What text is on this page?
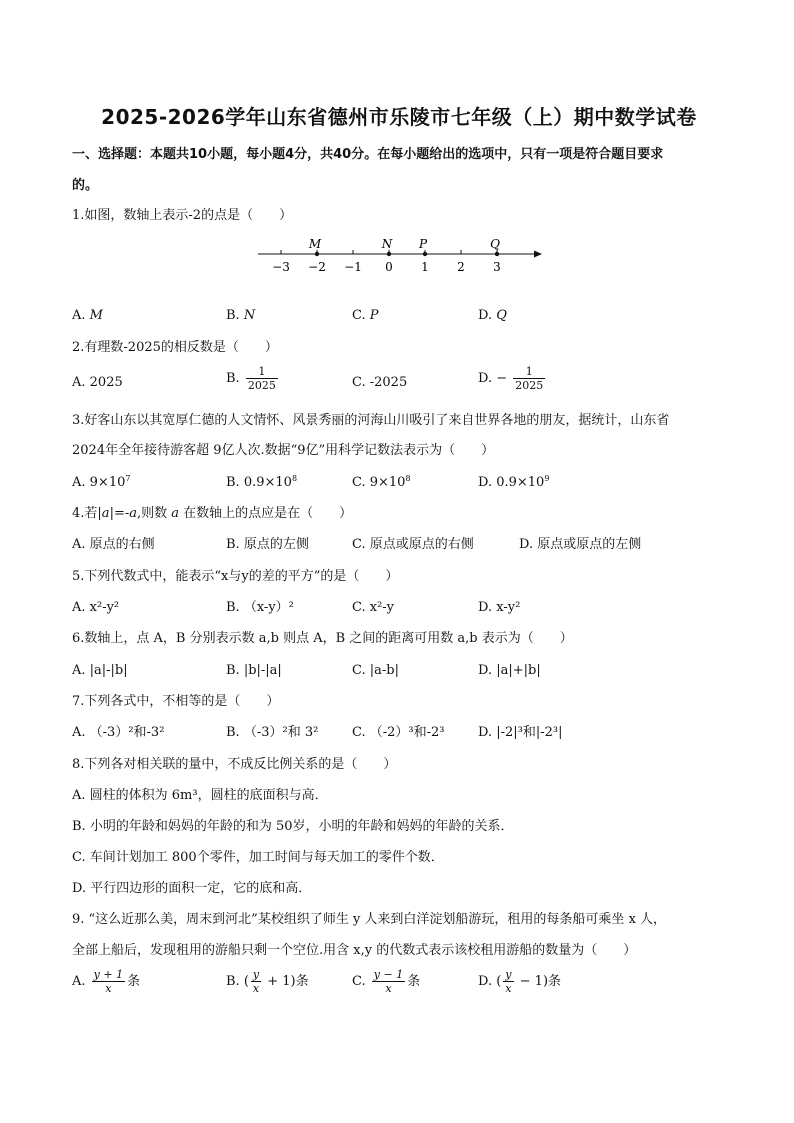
2025-2026学年山东省德州市乐陵市七年级（上）期中数学试卷
一、选择题：本题共10小题，每小题4分，共40分。在每小题给出的选项中，只有一项是符合题目要求
的。
1.如图，数轴上表示-2的点是（　　）
−3 −2 −1 0 1 2 3
M	N P	Q
A. M	B. N	C. P	D. Q
2.有理数-2025的相反数是（　　）
A. 2025	B. $\frac{1}{2025}$	C. -2025	D. − $\frac{1}{2025}$
3.好客山东以其宽厚仁德的人文情怀、风景秀丽的河海山川吸引了来自世界各地的朋友，据统计，山东省
2024年全年接待游客超 9亿人次.数据“9亿”用科学记数法表示为（　　）
A. $9\times 10^7$	B. $0.9\times 10^8$	C. $9\times 10^8$	D. $0.9\times 10^9$
4.若|a|=-a,则数 a 在数轴上的点应是在（　　）
A. 原点的右侧	B. 原点的左侧	C. 原点或原点的右侧	D. 原点或原点的左侧
5.下列代数式中，能表示“x与y的差的平方”的是（　　）
A. x²-y²	B. （x-y）²	C. x²-y	D. x-y²
6.数轴上，点 A，B 分别表示数 a,b 则点 A，B 之间的距离可用数 a,b 表示为（　　）
A. |a|-|b|	B. |b|-|a|	C. |a-b|	D. |a|+|b|
7.下列各式中，不相等的是（　　）
A. （-3）²和-3²	B. （-3）²和 3²	C. （-2）³和-2³	D. |-2|³和|-2³|
8.下列各对相关联的量中，不成反比例关系的是（　　）
A. 圆柱的体积为 6m³，圆柱的底面积与高．
B. 小明的年龄和妈妈的年龄的和为 50岁，小明的年龄和妈妈的年龄的关系．
C. 车间计划加工 800个零件，加工时间与每天加工的零件个数．
D. 平行四边形的面积一定，它的底和高．
9. “这么近那么美，周末到河北”某校组织了师生 y 人来到白洋淀划船游玩，租用的每条船可乘坐 x 人，
全部上船后，发现租用的游船只剩一个空位.用含 x,y 的代数式表示该校租用游船的数量为（　　）
A. $\frac{y + 1}{x}$ 条	B. ( $\frac{y}{x} + 1$)条	C. $\frac{y - 1}{x}$ 条	D. ( $\frac{y}{x} - 1$)条
